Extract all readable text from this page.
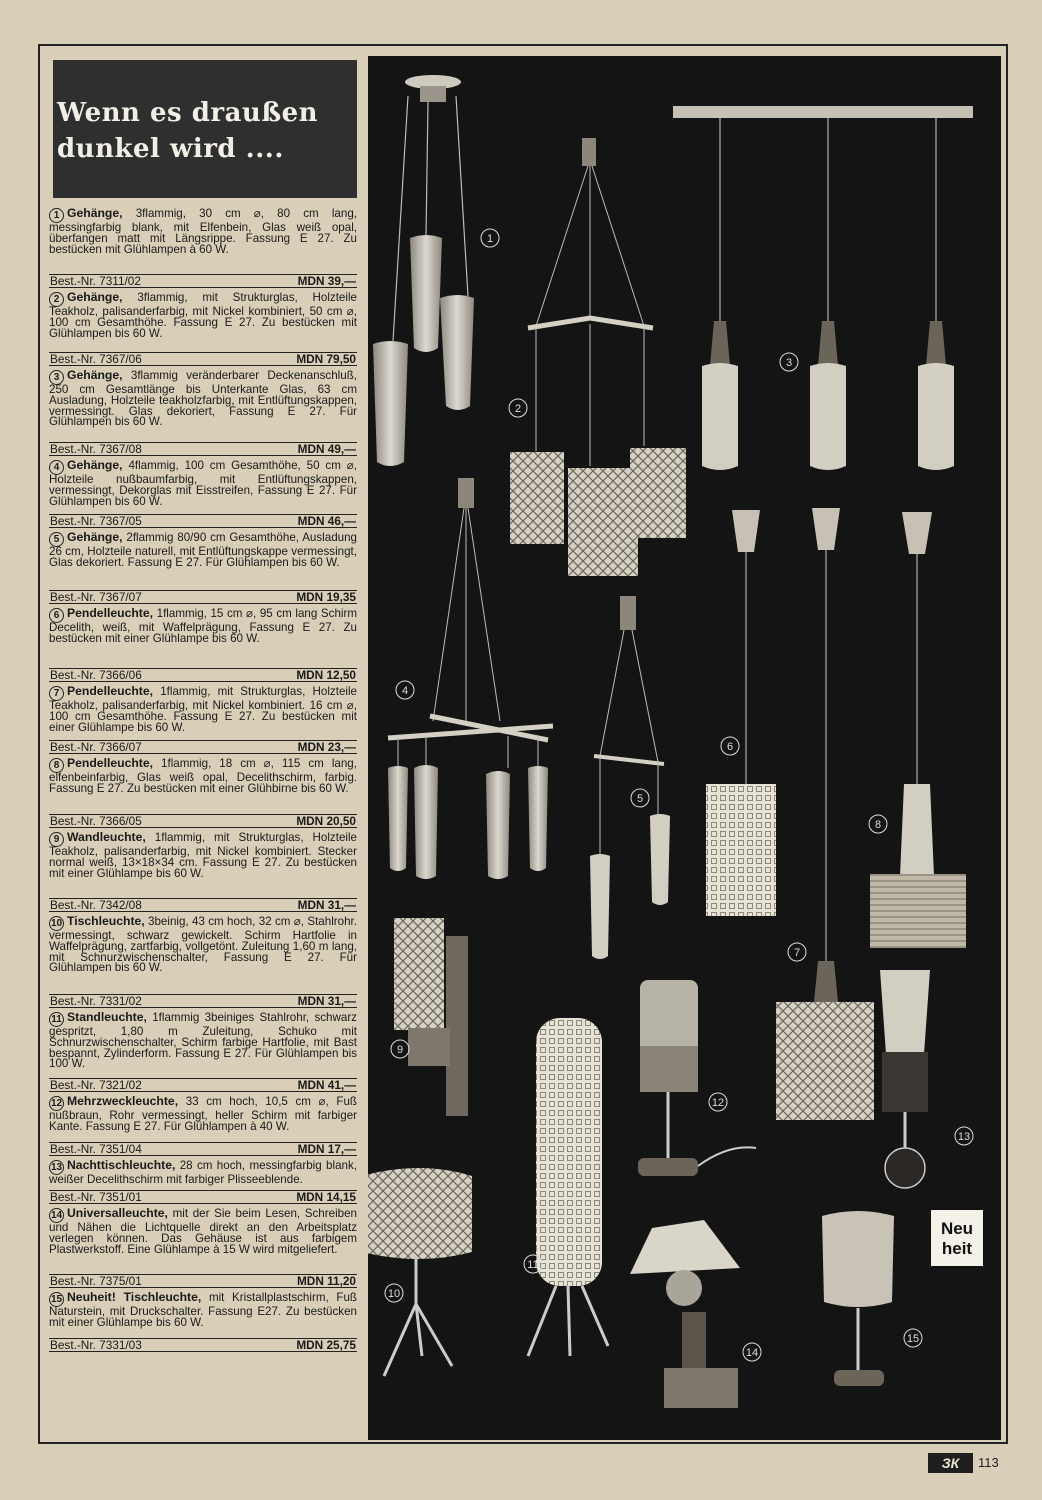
Wenn es draußen
dunkel wird ....
1 Gehänge, 3flammig, 30 cm ⌀, 80 cm lang, messingfarbig blank, mit Elfenbein, Glas weiß opal, überfangen matt mit Längsrippe. Fassung E 27. Zu bestücken mit Glühlampen à 60 W.
Best.-Nr. 7311/02	MDN 39,—
2 Gehänge, 3flammig, mit Strukturglas, Holzteile Teakholz, palisanderfarbig, mit Nickel kombiniert, 50 cm ⌀, 100 cm Gesamthöhe. Fassung E 27. Zu bestücken mit Glühlampen bis 60 W.
Best.-Nr. 7367/06	MDN 79,50
3 Gehänge, 3flammig veränderbarer Deckenanschluß, 250 cm Gesamtlänge bis Unterkante Glas, 63 cm Ausladung, Holzteile teakholzfarbig, mit Entlüftungskappen, vermessingt. Glas dekoriert, Fassung E 27. Für Glühlampen bis 60 W.
Best.-Nr. 7367/08	MDN 49,—
4 Gehänge, 4flammig, 100 cm Gesamthöhe, 50 cm ⌀, Holzteile nußbaumfarbig, mit Entlüftungskappen, vermessingt, Dekorglas mit Eisstreifen, Fassung E 27. Für Glühlampen bis 60 W.
Best.-Nr. 7367/05	MDN 46,—
5 Gehänge, 2flammig 80/90 cm Gesamthöhe, Ausladung 26 cm, Holzteile naturell, mit Entlüftungskappe vermessingt, Glas dekoriert. Fassung E 27. Für Glühlampen bis 60 W.
Best.-Nr. 7367/07	MDN 19,35
6 Pendelleuchte, 1flammig, 15 cm ⌀, 95 cm lang Schirm Decelith, weiß, mit Waffelprägung, Fassung E 27. Zu bestücken mit einer Glühlampe bis 60 W.
Best.-Nr. 7366/06	MDN 12,50
7 Pendelleuchte, 1flammig, mit Strukturglas, Holzteile Teakholz, palisanderfarbig, mit Nickel kombiniert. 16 cm ⌀, 100 cm Gesamthöhe. Fassung E 27. Zu bestücken mit einer Glühlampe bis 60 W.
Best.-Nr. 7366/07	MDN 23,—
8 Pendelleuchte, 1flammig, 18 cm ⌀, 115 cm lang, elfenbeinfarbig, Glas weiß opal, Decelithschirm, farbig. Fassung E 27. Zu bestücken mit einer Glühbirne bis 60 W.
Best.-Nr. 7366/05	MDN 20,50
9 Wandleuchte, 1flammig, mit Strukturglas, Holzteile Teakholz, palisanderfarbig, mit Nickel kombiniert. Stecker normal weiß, 13×18×34 cm. Fassung E 27. Zu bestücken mit einer Glühlampe bis 60 W.
Best.-Nr. 7342/08	MDN 31,—
10 Tischleuchte, 3beinig, 43 cm hoch, 32 cm ⌀, Stahlrohr. vermessingt, schwarz gewickelt. Schirm Hartfolie in Waffelprägung, zartfarbig, vollgetönt. Zuleitung 1,60 m lang, mit Schnurzwischenschalter, Fassung E 27. Für Glühlampen bis 60 W.
Best.-Nr. 7331/02	MDN 31,—
11 Standleuchte, 1flammig 3beiniges Stahlrohr, schwarz gespritzt, 1,80 m Zuleitung, Schuko mit Schnurzwischenschalter, Schirm farbige Hartfolie, mit Bast bespannt, Zylinderform. Fassung E 27. Für Glühlampen bis 100 W.
Best.-Nr. 7321/02	MDN 41,—
12 Mehrzweckleuchte, 33 cm hoch, 10,5 cm ⌀, Fuß nußbraun, Rohr vermessingt, heller Schirm mit farbiger Kante. Fassung E 27. Für Glühlampen à 40 W.
Best.-Nr. 7351/04	MDN 17,—
13 Nachttischleuchte, 28 cm hoch, messingfarbig blank, weißer Decelithschirm mit farbiger Plisseeblende.
Best.-Nr. 7351/01	MDN 14,15
14 Universalleuchte, mit der Sie beim Lesen, Schreiben und Nähen die Lichtquelle direkt an den Arbeitsplatz verlegen können. Das Gehäuse ist aus farbigem Plastwerkstoff. Eine Glühlampe à 15 W wird mitgeliefert.
Best.-Nr. 7375/01	MDN 11,20
15 Neuheit! Tischleuchte, mit Kristallplastschirm, Fuß Naturstein, mit Druckschalter. Fassung E27. Zu bestücken mit einer Glühlampe bis 60 W.
Best.-Nr. 7331/03	MDN 25,75
1
2
3
4
5
6
7
8
9
10
11
12
13
14
15
Neu
heit
ЗК	113
